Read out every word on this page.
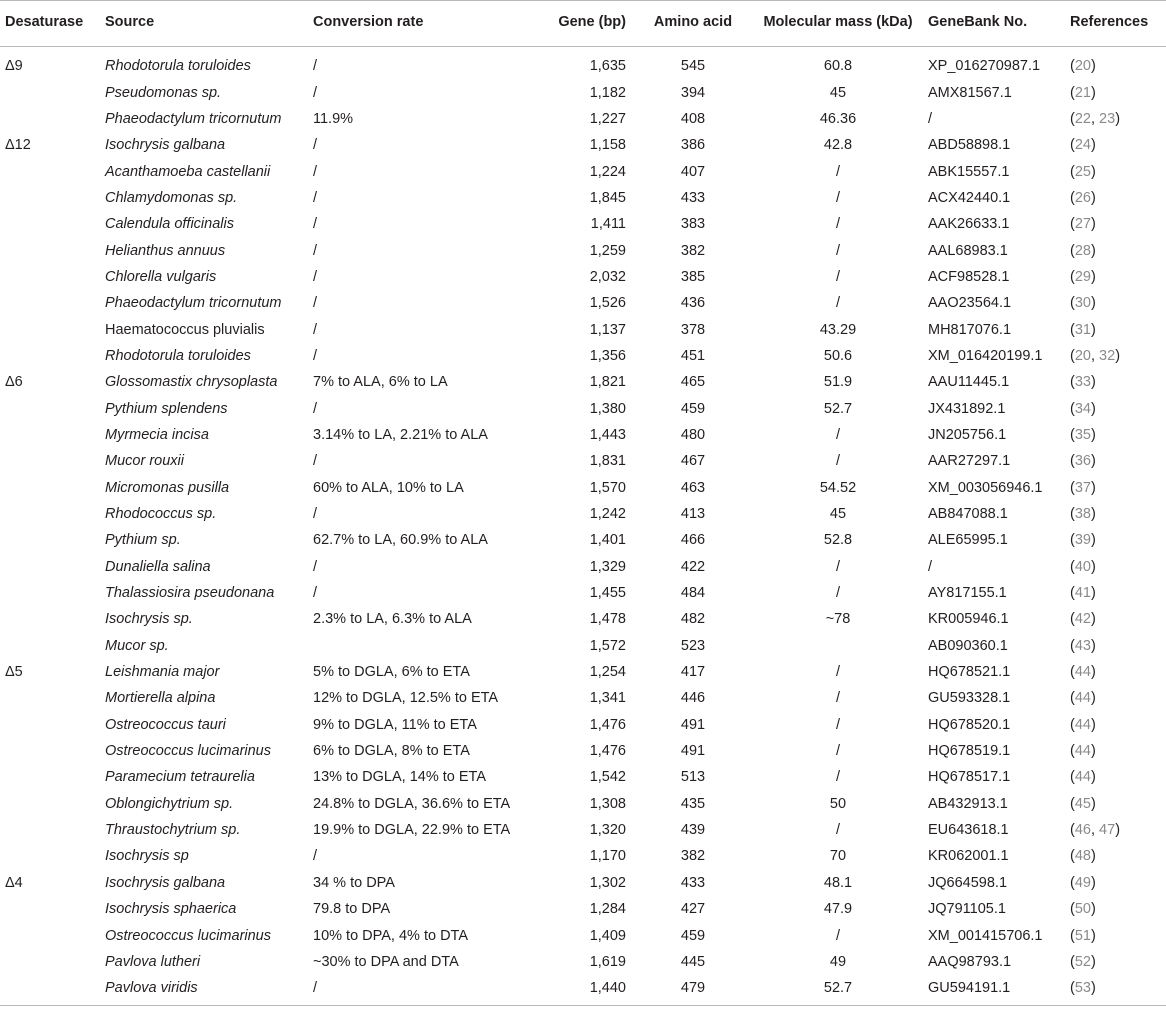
Desaturase	Source	Conversion rate	Gene (bp)	Amino acid	Molecular mass (kDa)	GeneBank No.	References
Δ9	Rhodotorula toruloides	/	1,635	545	60.8	XP_016270987.1	(20)
	Pseudomonas sp.	/	1,182	394	45	AMX81567.1	(21)
	Phaeodactylum tricornutum	11.9%	1,227	408	46.36	/	(22, 23)
Δ12	Isochrysis galbana	/	1,158	386	42.8	ABD58898.1	(24)
	Acanthamoeba castellanii	/	1,224	407	/	ABK15557.1	(25)
	Chlamydomonas sp.	/	1,845	433	/	ACX42440.1	(26)
	Calendula officinalis	/	1,411	383	/	AAK26633.1	(27)
	Helianthus annuus	/	1,259	382	/	AAL68983.1	(28)
	Chlorella vulgaris	/	2,032	385	/	ACF98528.1	(29)
	Phaeodactylum tricornutum	/	1,526	436	/	AAO23564.1	(30)
	Haematococcus pluvialis	/	1,137	378	43.29	MH817076.1	(31)
	Rhodotorula toruloides	/	1,356	451	50.6	XM_016420199.1	(20, 32)
Δ6	Glossomastix chrysoplasta	7% to ALA, 6% to LA	1,821	465	51.9	AAU11445.1	(33)
	Pythium splendens	/	1,380	459	52.7	JX431892.1	(34)
	Myrmecia incisa	3.14% to LA, 2.21% to ALA	1,443	480	/	JN205756.1	(35)
	Mucor rouxii	/	1,831	467	/	AAR27297.1	(36)
	Micromonas pusilla	60% to ALA, 10% to LA	1,570	463	54.52	XM_003056946.1	(37)
	Rhodococcus sp.	/	1,242	413	45	AB847088.1	(38)
	Pythium sp.	62.7% to LA, 60.9% to ALA	1,401	466	52.8	ALE65995.1	(39)
	Dunaliella salina	/	1,329	422	/	/	(40)
	Thalassiosira pseudonana	/	1,455	484	/	AY817155.1	(41)
	Isochrysis sp.	2.3% to LA, 6.3% to ALA	1,478	482	~78	KR005946.1	(42)
	Mucor sp.		1,572	523		AB090360.1	(43)
Δ5	Leishmania major	5% to DGLA, 6% to ETA	1,254	417	/	HQ678521.1	(44)
	Mortierella alpina	12% to DGLA, 12.5% to ETA	1,341	446	/	GU593328.1	(44)
	Ostreococcus tauri	9% to DGLA, 11% to ETA	1,476	491	/	HQ678520.1	(44)
	Ostreococcus lucimarinus	6% to DGLA, 8% to ETA	1,476	491	/	HQ678519.1	(44)
	Paramecium tetraurelia	13% to DGLA, 14% to ETA	1,542	513	/	HQ678517.1	(44)
	Oblongichytrium sp.	24.8% to DGLA, 36.6% to ETA	1,308	435	50	AB432913.1	(45)
	Thraustochytrium sp.	19.9% to DGLA, 22.9% to ETA	1,320	439	/	EU643618.1	(46, 47)
	Isochrysis sp	/	1,170	382	70	KR062001.1	(48)
Δ4	Isochrysis galbana	34 % to DPA	1,302	433	48.1	JQ664598.1	(49)
	Isochrysis sphaerica	79.8 to DPA	1,284	427	47.9	JQ791105.1	(50)
	Ostreococcus lucimarinus	10% to DPA, 4% to DTA	1,409	459	/	XM_001415706.1	(51)
	Pavlova lutheri	~30% to DPA and DTA	1,619	445	49	AAQ98793.1	(52)
	Pavlova viridis	/	1,440	479	52.7	GU594191.1	(53)
